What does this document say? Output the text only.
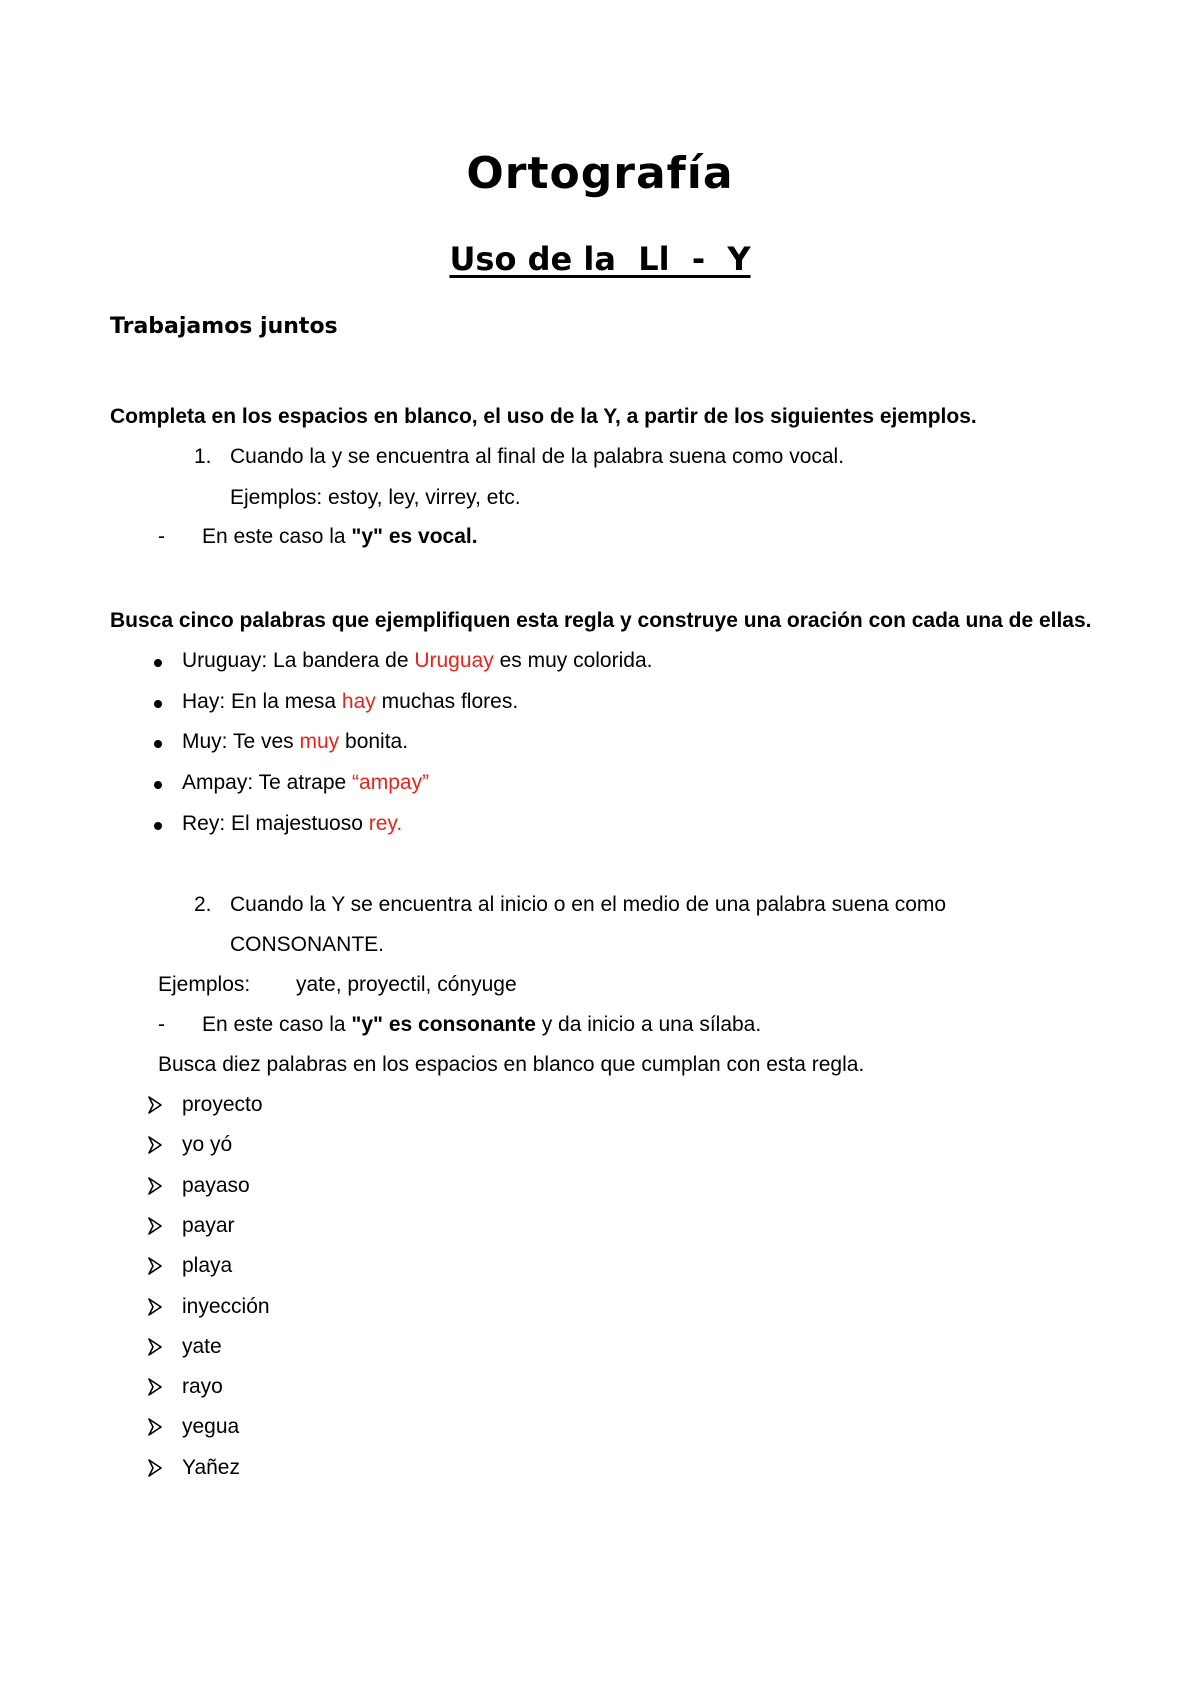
Ortografía
Uso de la  Ll  -  Y
Trabajamos juntos
Completa en los espacios en blanco, el uso de la Y, a partir de los siguientes ejemplos.
1. Cuando la y se encuentra al final de la palabra suena como vocal.
Ejemplos: estoy, ley, virrey, etc.
- En este caso la "y" es vocal.
Busca cinco palabras que ejemplifiquen esta regla y construye una oración con cada una de ellas.
Uruguay: La bandera de Uruguay es muy colorida.
Hay: En la mesa hay muchas flores.
Muy: Te ves muy bonita.
Ampay: Te atrape “ampay”
Rey: El majestuoso rey.
2. Cuando la Y se encuentra al inicio o en el medio de una palabra suena como
CONSONANTE.
Ejemplos: yate, proyectil, cónyuge
- En este caso la "y" es consonante y da inicio a una sílaba.
Busca diez palabras en los espacios en blanco que cumplan con esta regla.
proyecto
yo yó
payaso
payar
playa
inyección
yate
rayo
yegua
Yañez
